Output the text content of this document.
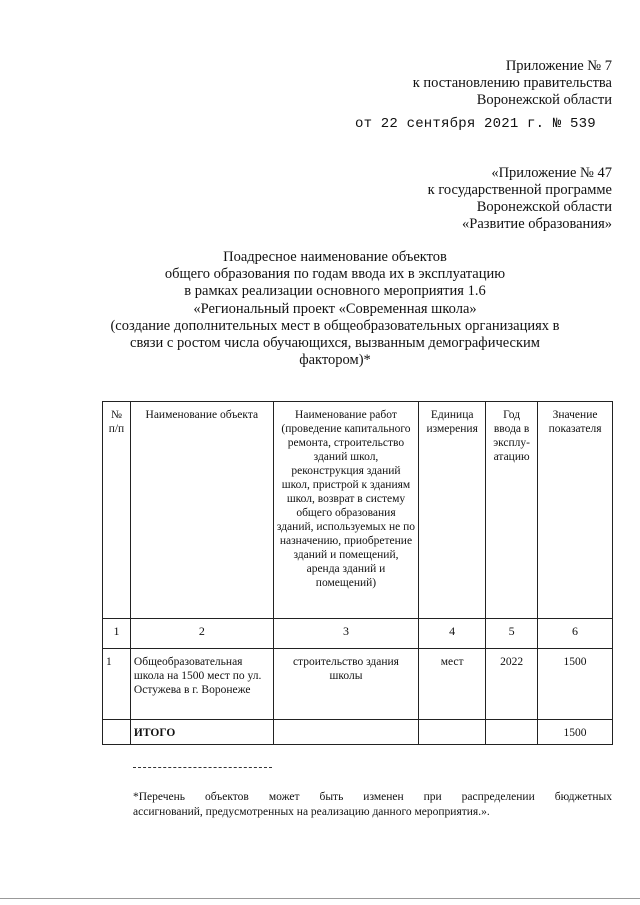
Приложение № 7
к постановлению правительства
Воронежской области
от 22 сентября 2021 г. № 539
«Приложение № 47
к государственной программе
Воронежской области
«Развитие образования»
Поадресное наименование объектов
общего образования по годам ввода их в эксплуатацию
в рамках реализации основного мероприятия 1.6
«Региональный проект «Современная школа»
(создание дополнительных мест в общеобразовательных организациях в
связи с ростом числа обучающихся, вызванным демографическим
фактором)*
№ п/п	Наименование объекта	Наименование работ (проведение капитального ремонта, строительство зданий школ, реконструкция зданий школ, пристрой к зданиям школ, возврат в систему общего образования зданий, используемых не по назначению, приобретение зданий и помещений, аренда зданий и помещений)	Единица измерения	Год ввода в эксплу-атацию	Значение показателя
1	2	3	4	5	6
1	Общеобразовательная школа на 1500 мест по ул. Остужева в г. Воронеже	строительство здания школы	мест	2022	1500
	ИТОГО				1500
*Перечень объектов может быть изменен при распределении бюджетных
ассигнований, предусмотренных на реализацию данного мероприятия.».
